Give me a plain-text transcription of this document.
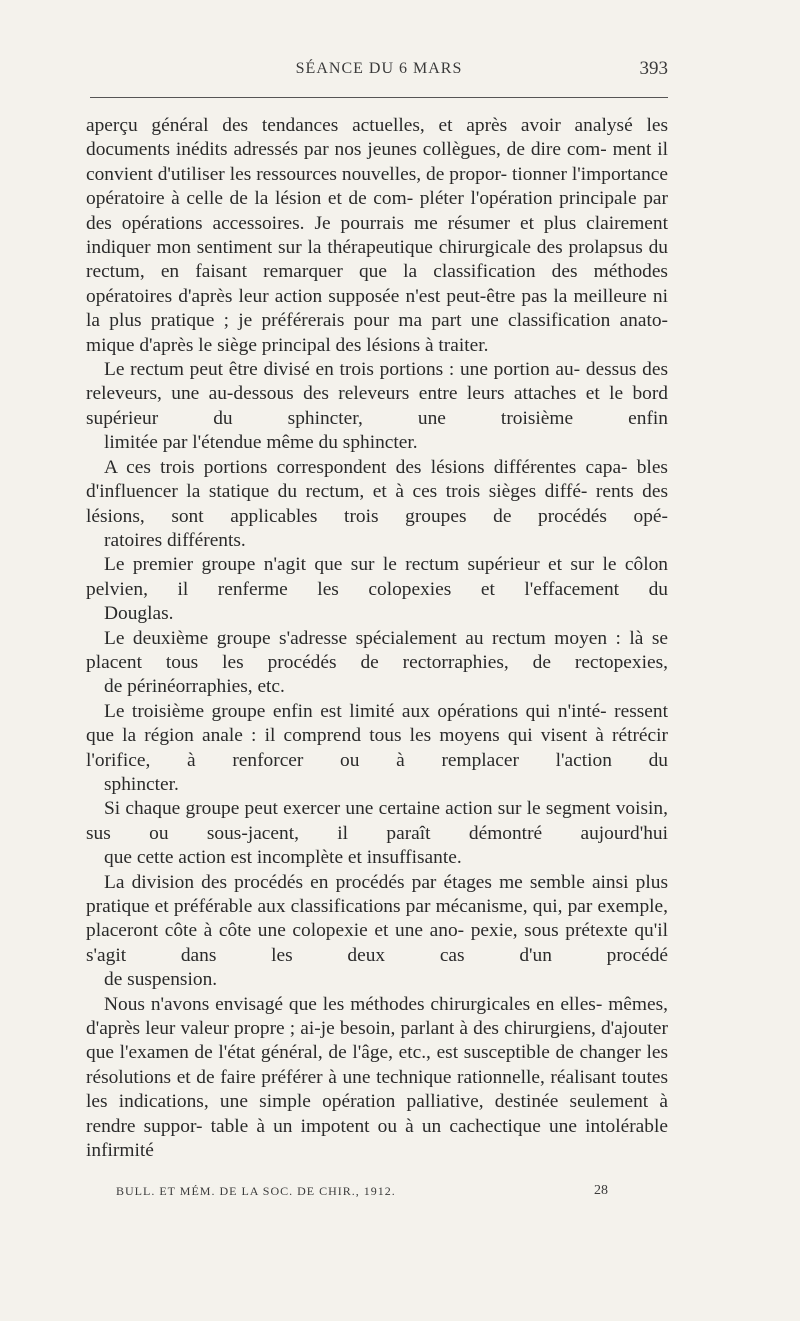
SÉANCE DU 6 MARS	393

aperçu général des tendances actuelles, et après avoir analysé les documents inédits adressés par nos jeunes collègues, de dire com- ment il convient d'utiliser les ressources nouvelles, de propor- tionner l'importance opératoire à celle de la lésion et de com- pléter l'opération principale par des opérations accessoires. Je pourrais me résumer et plus clairement indiquer mon sentiment sur la thérapeutique chirurgicale des prolapsus du rectum, en faisant remarquer que la classification des méthodes opératoires d'après leur action supposée n'est peut-être pas la meilleure ni la plus pratique ; je préférerais pour ma part une classification anato-
mique d'après le siège principal des lésions à traiter.

Le rectum peut être divisé en trois portions : une portion au- dessus des releveurs, une au-dessous des releveurs entre leurs attaches et le bord supérieur du sphincter, une troisième enfin
limitée par l'étendue même du sphincter.

A ces trois portions correspondent des lésions différentes capa- bles d'influencer la statique du rectum, et à ces trois sièges diffé- rents des lésions, sont applicables trois groupes de procédés opé-
ratoires différents.

Le premier groupe n'agit que sur le rectum supérieur et sur le côlon pelvien, il renferme les colopexies et l'effacement du
Douglas.

Le deuxième groupe s'adresse spécialement au rectum moyen : là se placent tous les procédés de rectorraphies, de rectopexies,
de périnéorraphies, etc.

Le troisième groupe enfin est limité aux opérations qui n'inté- ressent que la région anale : il comprend tous les moyens qui visent à rétrécir l'orifice, à renforcer ou à remplacer l'action du
sphincter.

Si chaque groupe peut exercer une certaine action sur le segment voisin, sus ou sous-jacent, il paraît démontré aujourd'hui
que cette action est incomplète et insuffisante.

La division des procédés en procédés par étages me semble ainsi plus pratique et préférable aux classifications par mécanisme, qui, par exemple, placeront côte à côte une colopexie et une ano- pexie, sous prétexte qu'il s'agit dans les deux cas d'un procédé
de suspension.

Nous n'avons envisagé que les méthodes chirurgicales en elles- mêmes, d'après leur valeur propre ; ai-je besoin, parlant à des chirurgiens, d'ajouter que l'examen de l'état général, de l'âge, etc., est susceptible de changer les résolutions et de faire préférer à une technique rationnelle, réalisant toutes les indications, une simple opération palliative, destinée seulement à rendre suppor- table à un impotent ou à un cachectique une intolérable infirmité

BULL. ET MÉM. DE LA SOC. DE CHIR., 1912.	28
